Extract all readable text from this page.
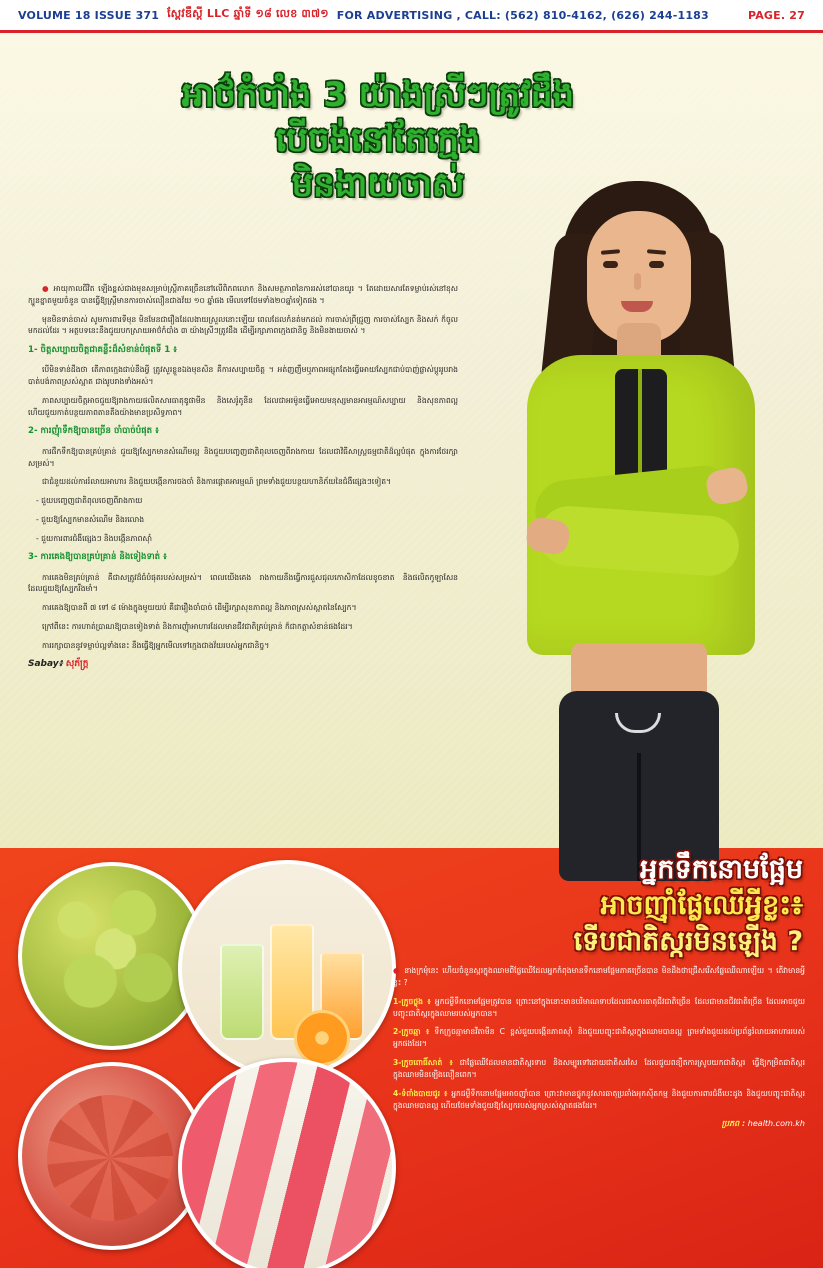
VOLUME 18 ISSUE 371 ស្ពែវឌឺស្ដី LLC ឆ្នាំទី ១៨ លេខ ៣៧១ FOR ADVERTISING , CALL: (562) 810-4162, (626) 244-1183	PAGE. 27
អាថ៌កំបាំង 3 យ៉ាងស្រីៗត្រូវដឹង
បើចង់នៅតែក្មេង
មិនងាយចាស់

● អាយុកាលជីវិត ឡើងខ្ពស់ជាងមុនសម្រាប់ស្ត្រីភាគច្រើននៅលើពិភពលោក និងសមត្ថភាពនៃការរស់នៅបានយូរ ។ តែដោយសារតែទម្លាប់រស់នៅខុសក្បួនខ្នាតមួយចំនួន បានធ្វើឱ្យស្ត្រីមានការចាស់លឿនជាងវ័យ ១០ ឆ្នាំផង មើលទៅថែមទាំង២០ឆ្នាំទៀតផង ។

មុនមិនទាន់ចាស់ សូមការពារទីមុន មិនមែនជារឿងដែលងាយស្រួលនោះឡើយ ពេលដែលកំនត់មកដល់ ការចាស់ព្រឺជ្រួញ ការចាស់ស្បែក និងសក់ ក៏ចូលមកដល់ដែរ ។ អត្ថបទនេះនឹងជួយបកស្រាយអាថ៌កំបាំង ៣ យ៉ាងស្រីៗត្រូវដឹង ដើម្បីរក្សាភាពក្មេងជានិច្ច និងមិនងាយចាស់ ។

1- ចិត្តសប្បាយចិត្តជាគន្លឹះដ៏សំខាន់បំផុតទី 1 ៖

បើមិនទាន់ដឹងថា តើភាពក្មេងជាប់នឹងអ្វី ត្រូវសួរខ្លួនឯងមុនសិន គឺការសប្បាយចិត្ត ។ អត់ញញឹមឬភាពអផ្សុកតែងធ្វើអោយស្បែកជាប់បាញ់ផ្លាស់ប្តូររូបរាងបាត់បង់ភាពស្រស់ស្អាត ជាងរូបរាងទាំងអស់។

ភាពសប្បាយចិត្តអាចជួយឱ្យរាងកាយផលិតសារធាតុឌូផាមីន និងសេរ៉ូតូនីន ដែលជាអរម៉ូនធ្វើអោយមនុស្សមានអារម្មណ៍សប្បាយ និងសុខភាពល្អ ហើយជួយកាត់បន្ថយភាពតានតឹងយ៉ាងមានប្រសិទ្ធភាព។

2- ការញុំាទឹកឱ្យបានច្រើន ចាំបាច់បំផុត ៖

ការផឹកទឹកឱ្យបានគ្រប់គ្រាន់ ជួយឱ្យស្បែកមានសំណើមល្អ និងជួយបញ្ចេញជាតិពុលចេញពីរាងកាយ ដែលជាវិធីសាស្ត្រធម្មជាតិដ៏ល្អបំផុត ក្នុងការថែរក្សាសម្រស់។

ជាជំនួយដល់ការរំលាយអាហារ និងជួយបង្កើនការចងចាំ និងការផ្តោតអារម្មណ៍ ព្រមទាំងជួយបន្ថយហានិភ័យនៃជំងឺផ្សេងៗទៀត។

- ជួយបញ្ចេញជាតិពុលចេញពីរាងកាយ

- ជួយឱ្យស្បែកមានសំណើម និងរលោង

- ជួយការពារជំងឺផ្សេងៗ និងបង្កើនភាពស៊ាំ

3- ការគេងឱ្យបានគ្រប់គ្រាន់ និងទៀងទាត់ ៖

ការគេងមិនគ្រប់គ្រាន់ គឺជាសត្រូវដ៏ធំបំផុតរបស់សម្រស់។ ពេលយើងគេង រាងកាយនឹងធ្វើការជួសជុលកោសិកាដែលខូចខាត និងផលិតកូឡាសែន ដែលជួយឱ្យស្បែករឹងមាំ។

ការគេងឱ្យបានពី ៧ ទៅ ៨ ម៉ោងក្នុងមួយយប់ គឺជារឿងចាំបាច់ ដើម្បីរក្សាសុខភាពល្អ និងភាពស្រស់ស្អាតនៃស្បែក។

ក្រៅពីនេះ ការហាត់ប្រាណឱ្យបានទៀងទាត់ និងការញុំាអាហារដែលមានជីវជាតិគ្រប់គ្រាន់ ក៏ជាកត្តាសំខាន់ផងដែរ។

ការរក្សាបាននូវទម្លាប់ល្អទាំងនេះ នឹងធ្វើឱ្យអ្នកមើលទៅក្មេងជាងវ័យរបស់អ្នកជានិច្ច។

Sabay៖ សុភ័ក្ត្រ

អ្នកទឹកនោមផ្អែម
អាចញ៉ាំផ្លែឈើអ្វីខ្លះ៖
ទើបជាតិស្ករមិនឡើង ?

● នាងក្រមុំនេះ ហើយចំនួនស្ករក្នុងឈាមពីផ្លែឈើដែលអ្នកកំពុងមានទឹកនោមផ្អែមភាគច្រើនបាន មិនដឹងថាជ្រើសរើសផ្លែឈើណាឡើយ ។ តើវាមានអ្វីខ្លះ ?

1-ក្រូចថ្លុង ៖ អ្នកជម្ងឺទឹកនោមផ្អែមត្រូវបាន ព្រោះនៅក្នុងនោះមានបរិមាណទាបដែលជាសារធាតុជីវជាតិច្រើន ដែលជាមានជីវជាតិច្រើន ដែលអាចជួយបញ្ចុះជាតិស្ករក្នុងឈាមរបស់អ្នកបាន។

2-ក្រូចឆ្មា ៖ ទឹកក្រូចឆ្មាមានវីតាមីន C ខ្ពស់ជួយបង្កើនភាពស៊ាំ និងជួយបញ្ចុះជាតិស្ករក្នុងឈាមបានល្អ ព្រមទាំងជួយដល់ប្រព័ន្ធរំលាយអាហាររបស់អ្នកផងដែរ។

3-ក្រូចពោធិ៍សាត់ ៖ ជាផ្លែឈើដែលមានជាតិស្ករទាប និងសម្បូរទៅដោយជាតិសរសៃ ដែលជួយពន្យឺតការស្រូបយកជាតិស្ករ ធ្វើឱ្យកម្រិតជាតិស្ករក្នុងឈាមមិនឡើងលឿនពេក។

4-ទំពាំងបាយជូរ ៖ អ្នកជម្ងឺទឹកនោមផ្អែមអាចញ៉ាំបាន ព្រោះវាមានផ្ទុកនូវសារធាតុប្រឆាំងអុកស៊ីតកម្ម និងជួយការពារជំងឺបេះដូង និងជួយបញ្ចុះជាតិស្ករក្នុងឈាមបានល្អ ហើយថែមទាំងជួយឱ្យស្បែករបស់អ្នកស្រស់ស្អាតផងដែរ។

ប្រភព : health.com.kh
